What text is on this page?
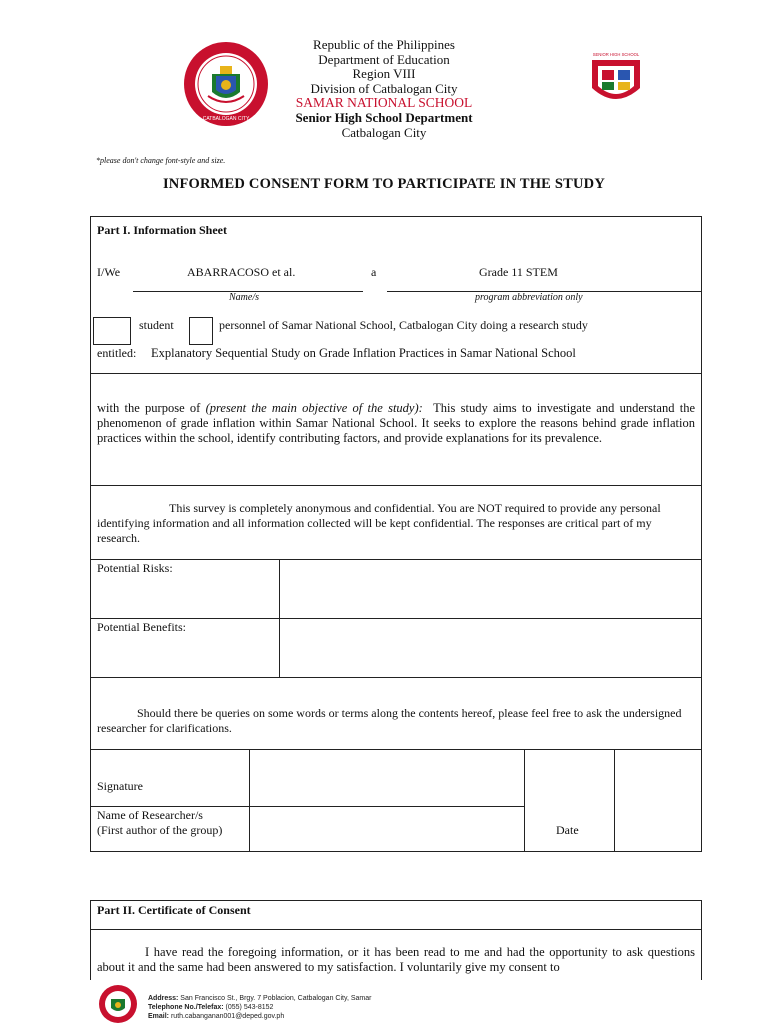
CATBALOGAN CITY
Republic of the Philippines
Department of Education
Region VIII
Division of Catbalogan City
SAMAR NATIONAL SCHOOL
Senior High School Department
Catbalogan City
SENIOR HIGH SCHOOL
*please don't change font-style and size.
INFORMED CONSENT FORM TO PARTICIPATE IN THE STUDY
Part I. Information Sheet
I/We	ABARRACOSO et al.	a	Grade 11 STEM
Name/s	program abbreviation only
student	personnel of Samar National School, Catbalogan City doing a research study
entitled: Explanatory Sequential Study on Grade Inflation Practices in Samar National School
with the purpose of (present the main objective of the study): This study aims to investigate and understand the phenomenon of grade inflation within Samar National School. It seeks to explore the reasons behind grade inflation practices within the school, identify contributing factors, and provide explanations for its prevalence.
This survey is completely anonymous and confidential. You are NOT required to provide any personal identifying information and all information collected will be kept confidential. The responses are critical part of my research.
Potential Risks:
Potential Benefits:
Should there be queries on some words or terms along the contents hereof, please feel free to ask the undersigned researcher for clarifications.
Signature
Name of Researcher/s
(First author of the group)	Date
Part II. Certificate of Consent
I have read the foregoing information, or it has been read to me and had the opportunity to ask questions about it and the same had been answered to my satisfaction. I voluntarily give my consent to
Address: San Francisco St., Brgy. 7 Poblacion, Catbalogan City, Samar
Telephone No./Telefax: (055) 543-8152
Email: ruth.cabanganan001@deped.gov.ph
